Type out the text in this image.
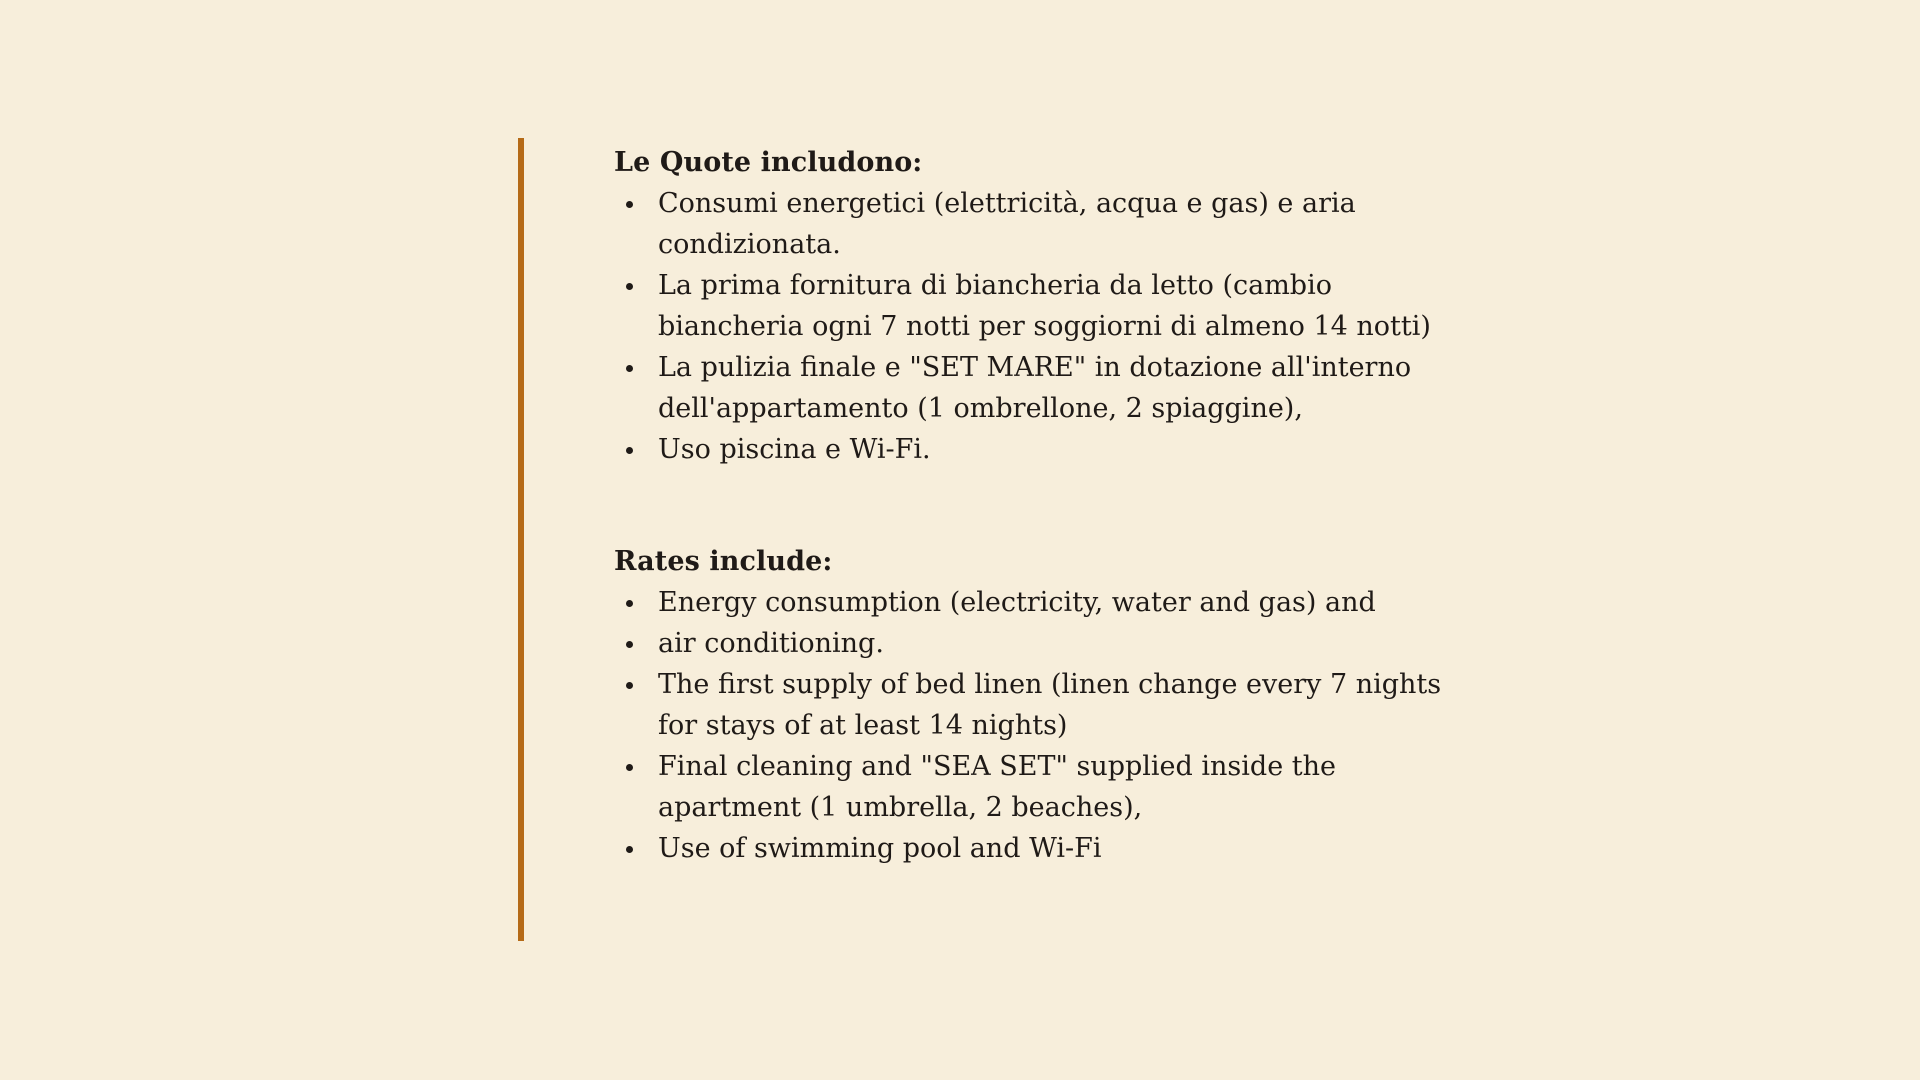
Le Quote includono:
Consumi energetici (elettricità, acqua e gas) e aria condizionata.
La prima fornitura di biancheria da letto (cambio biancheria ogni 7 notti per soggiorni di almeno 14 notti)
La pulizia finale e "SET MARE" in dotazione all'interno dell'appartamento (1 ombrellone, 2 spiaggine),
Uso piscina e Wi-Fi.
Rates include:
Energy consumption (electricity, water and gas) and
air conditioning.
The first supply of bed linen (linen change every 7 nights for stays of at least 14 nights)
Final cleaning and "SEA SET" supplied inside the apartment (1 umbrella, 2 beaches),
Use of swimming pool and Wi-Fi
